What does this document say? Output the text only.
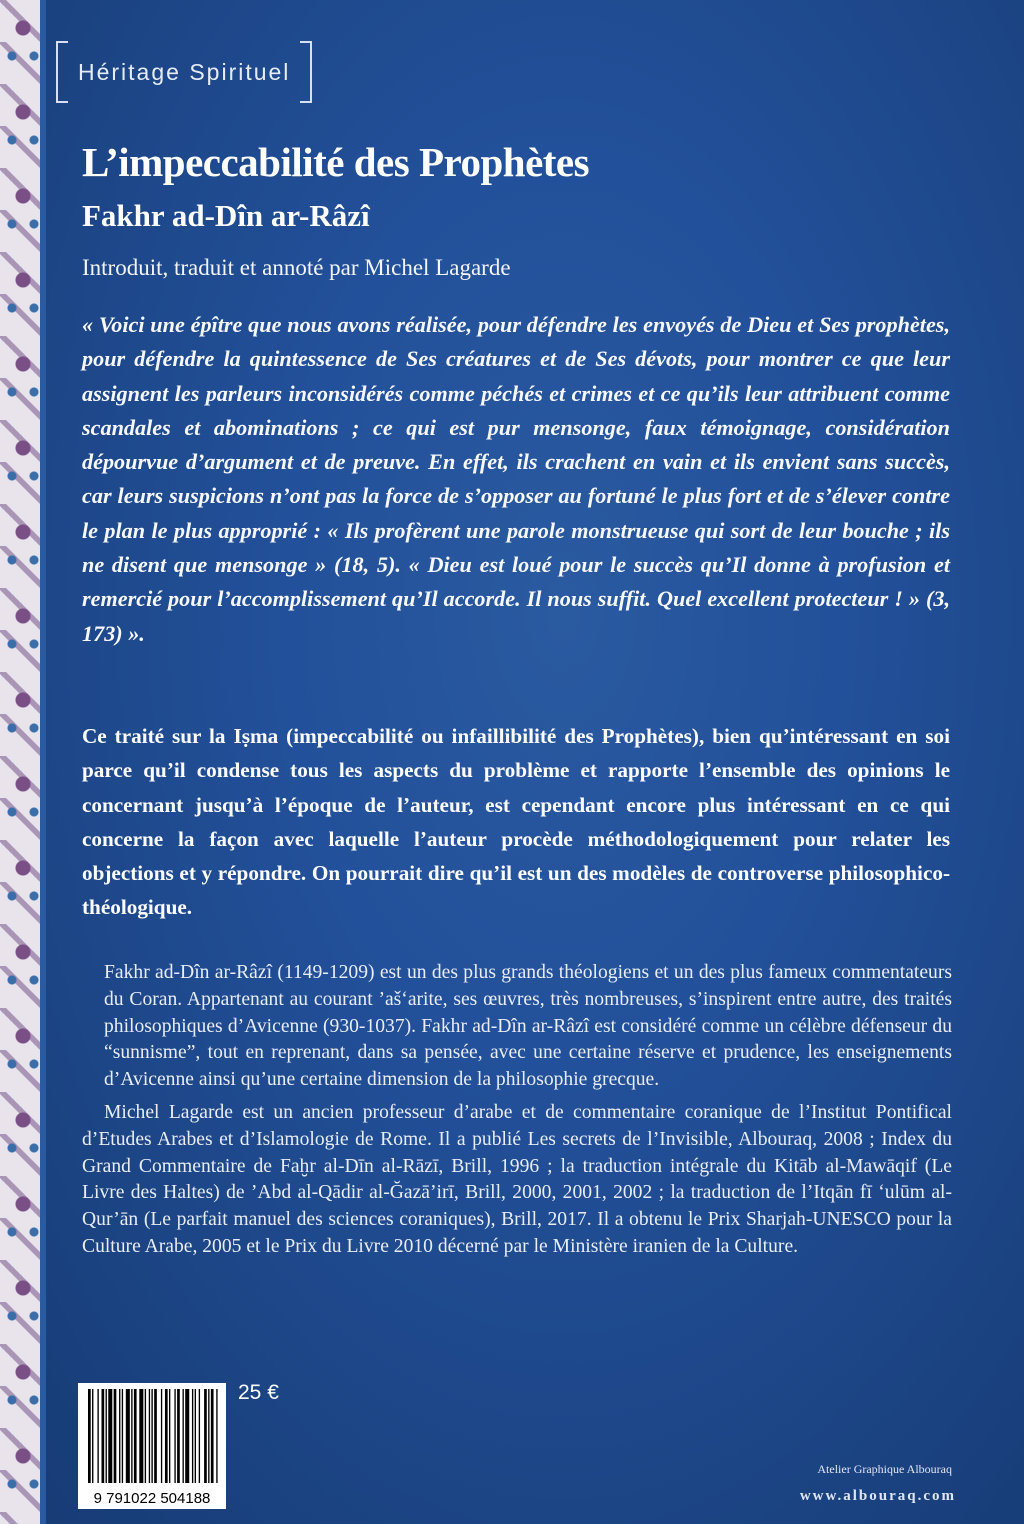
Héritage Spirituel
L’impeccabilité des Prophètes
Fakhr ad-Dîn ar-Râzî
Introduit, traduit et annoté par Michel Lagarde

« Voici une épître que nous avons réalisée, pour défendre les envoyés de Dieu et Ses prophètes, pour défendre la quintessence de Ses créatures et de Ses dévots, pour montrer ce que leur assignent les parleurs inconsidérés comme péchés et crimes et ce qu’ils leur attribuent comme scandales et abominations ; ce qui est pur mensonge, faux témoignage, considération dépourvue d’argument et de preuve. En effet, ils crachent en vain et ils envient sans succès, car leurs suspicions n’ont pas la force de s’opposer au fortuné le plus fort et de s’élever contre le plan le plus approprié : « Ils profèrent une parole monstrueuse qui sort de leur bouche ; ils ne disent que mensonge » (18, 5). « Dieu est loué pour le succès qu’Il donne à profusion et remercié pour l’accomplissement qu’Il accorde. Il nous suffit. Quel excellent protecteur ! » (3, 173) ».

Ce traité sur la Iṣma (impeccabilité ou infaillibilité des Prophètes), bien qu’intéressant en soi parce qu’il condense tous les aspects du problème et rapporte l’ensemble des opinions le concernant jusqu’à l’époque de l’auteur, est cependant encore plus intéressant en ce qui concerne la façon avec laquelle l’auteur procède méthodologiquement pour relater les objections et y répondre. On pourrait dire qu’il est un des modèles de controverse philosophico-théologique.

Fakhr ad-Dîn ar-Râzî (1149-1209) est un des plus grands théologiens et un des plus fameux commentateurs du Coran. Appartenant au courant ’aš‘arite, ses œuvres, très nombreuses, s’inspirent entre autre, des traités philosophiques d’Avicenne (930-1037). Fakhr ad-Dîn ar-Râzî est considéré comme un célèbre défenseur du “sunnisme”, tout en reprenant, dans sa pensée, avec une certaine réserve et prudence, les enseignements d’Avicenne ainsi qu’une certaine dimension de la philosophie grecque.

Michel Lagarde est un ancien professeur d’arabe et de commentaire coranique de l’Institut Pontifical d’Etudes Arabes et d’Islamologie de Rome. Il a publié Les secrets de l’Invisible, Albouraq, 2008 ; Index du Grand Commentaire de Faḫr al-Dīn al-Rāzī, Brill, 1996 ; la traduction intégrale du Kitāb al-Mawāqif (Le Livre des Haltes) de ’Abd al-Qādir al-Ğazā’irī, Brill, 2000, 2001, 2002 ; la traduction de l’Itqān fī ‘ulūm al-Qur’ān (Le parfait manuel des sciences coraniques), Brill, 2017. Il a obtenu le Prix Sharjah-UNESCO pour la Culture Arabe, 2005 et le Prix du Livre 2010 décerné par le Ministère iranien de la Culture.

9 791022 504188
25 €
Atelier Graphique Albouraq
www.albouraq.com
